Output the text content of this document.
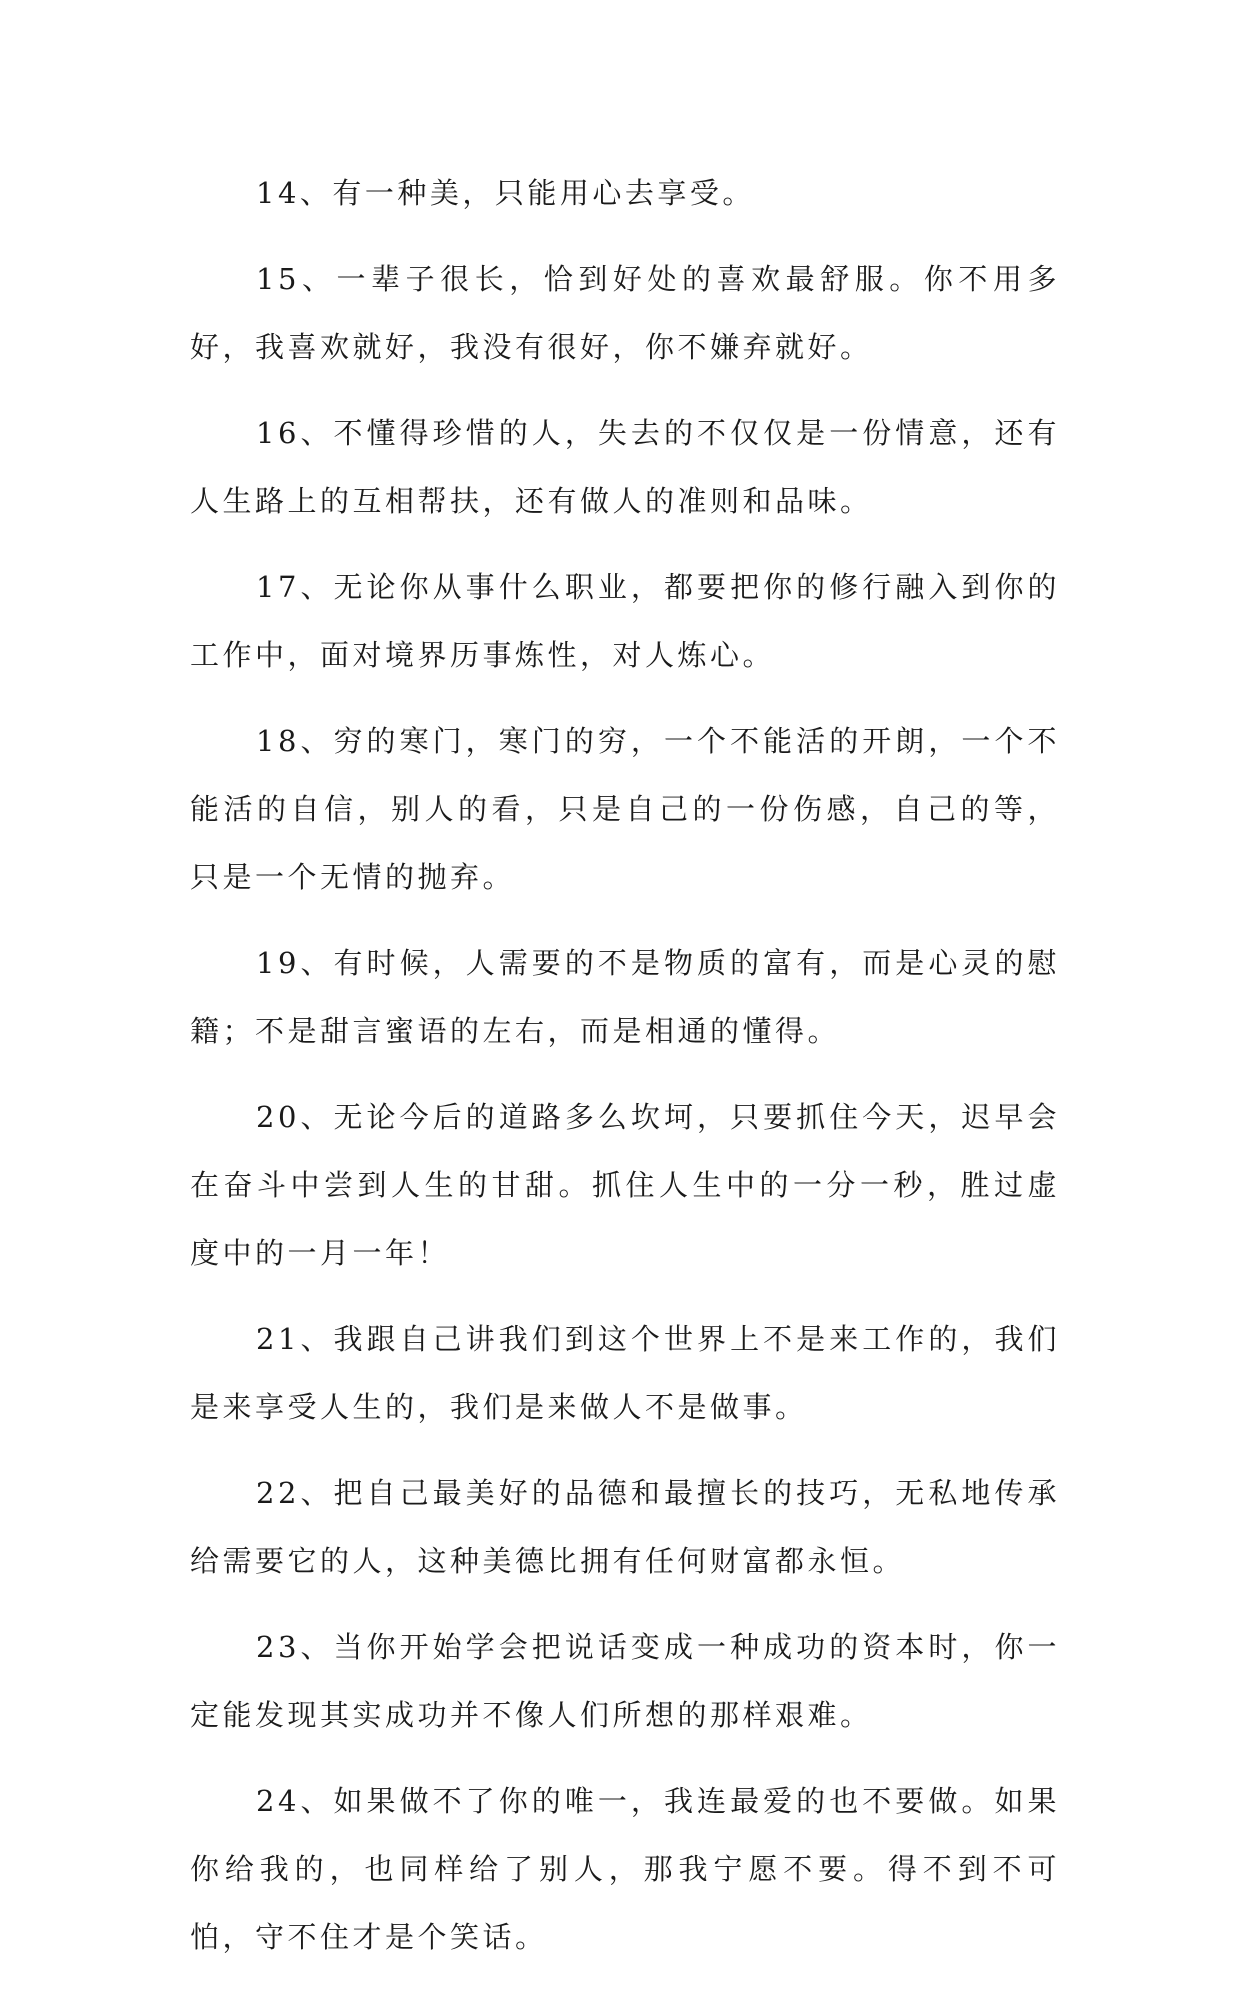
14、有一种美，只能用心去享受。

15、一辈子很长，恰到好处的喜欢最舒服。你不用多好，我喜欢就好，我没有很好，你不嫌弃就好。

16、不懂得珍惜的人，失去的不仅仅是一份情意，还有人生路上的互相帮扶，还有做人的准则和品味。

17、无论你从事什么职业，都要把你的修行融入到你的工作中，面对境界历事炼性，对人炼心。

18、穷的寒门，寒门的穷，一个不能活的开朗，一个不能活的自信，别人的看，只是自己的一份伤感，自己的等，只是一个无情的抛弃。

19、有时候，人需要的不是物质的富有，而是心灵的慰籍；不是甜言蜜语的左右，而是相通的懂得。

20、无论今后的道路多么坎坷，只要抓住今天，迟早会在奋斗中尝到人生的甘甜。抓住人生中的一分一秒，胜过虚度中的一月一年！

21、我跟自己讲我们到这个世界上不是来工作的，我们是来享受人生的，我们是来做人不是做事。

22、把自己最美好的品德和最擅长的技巧，无私地传承给需要它的人，这种美德比拥有任何财富都永恒。

23、当你开始学会把说话变成一种成功的资本时，你一定能发现其实成功并不像人们所想的那样艰难。

24、如果做不了你的唯一，我连最爱的也不要做。如果你给我的，也同样给了别人，那我宁愿不要。得不到不可怕，守不住才是个笑话。
